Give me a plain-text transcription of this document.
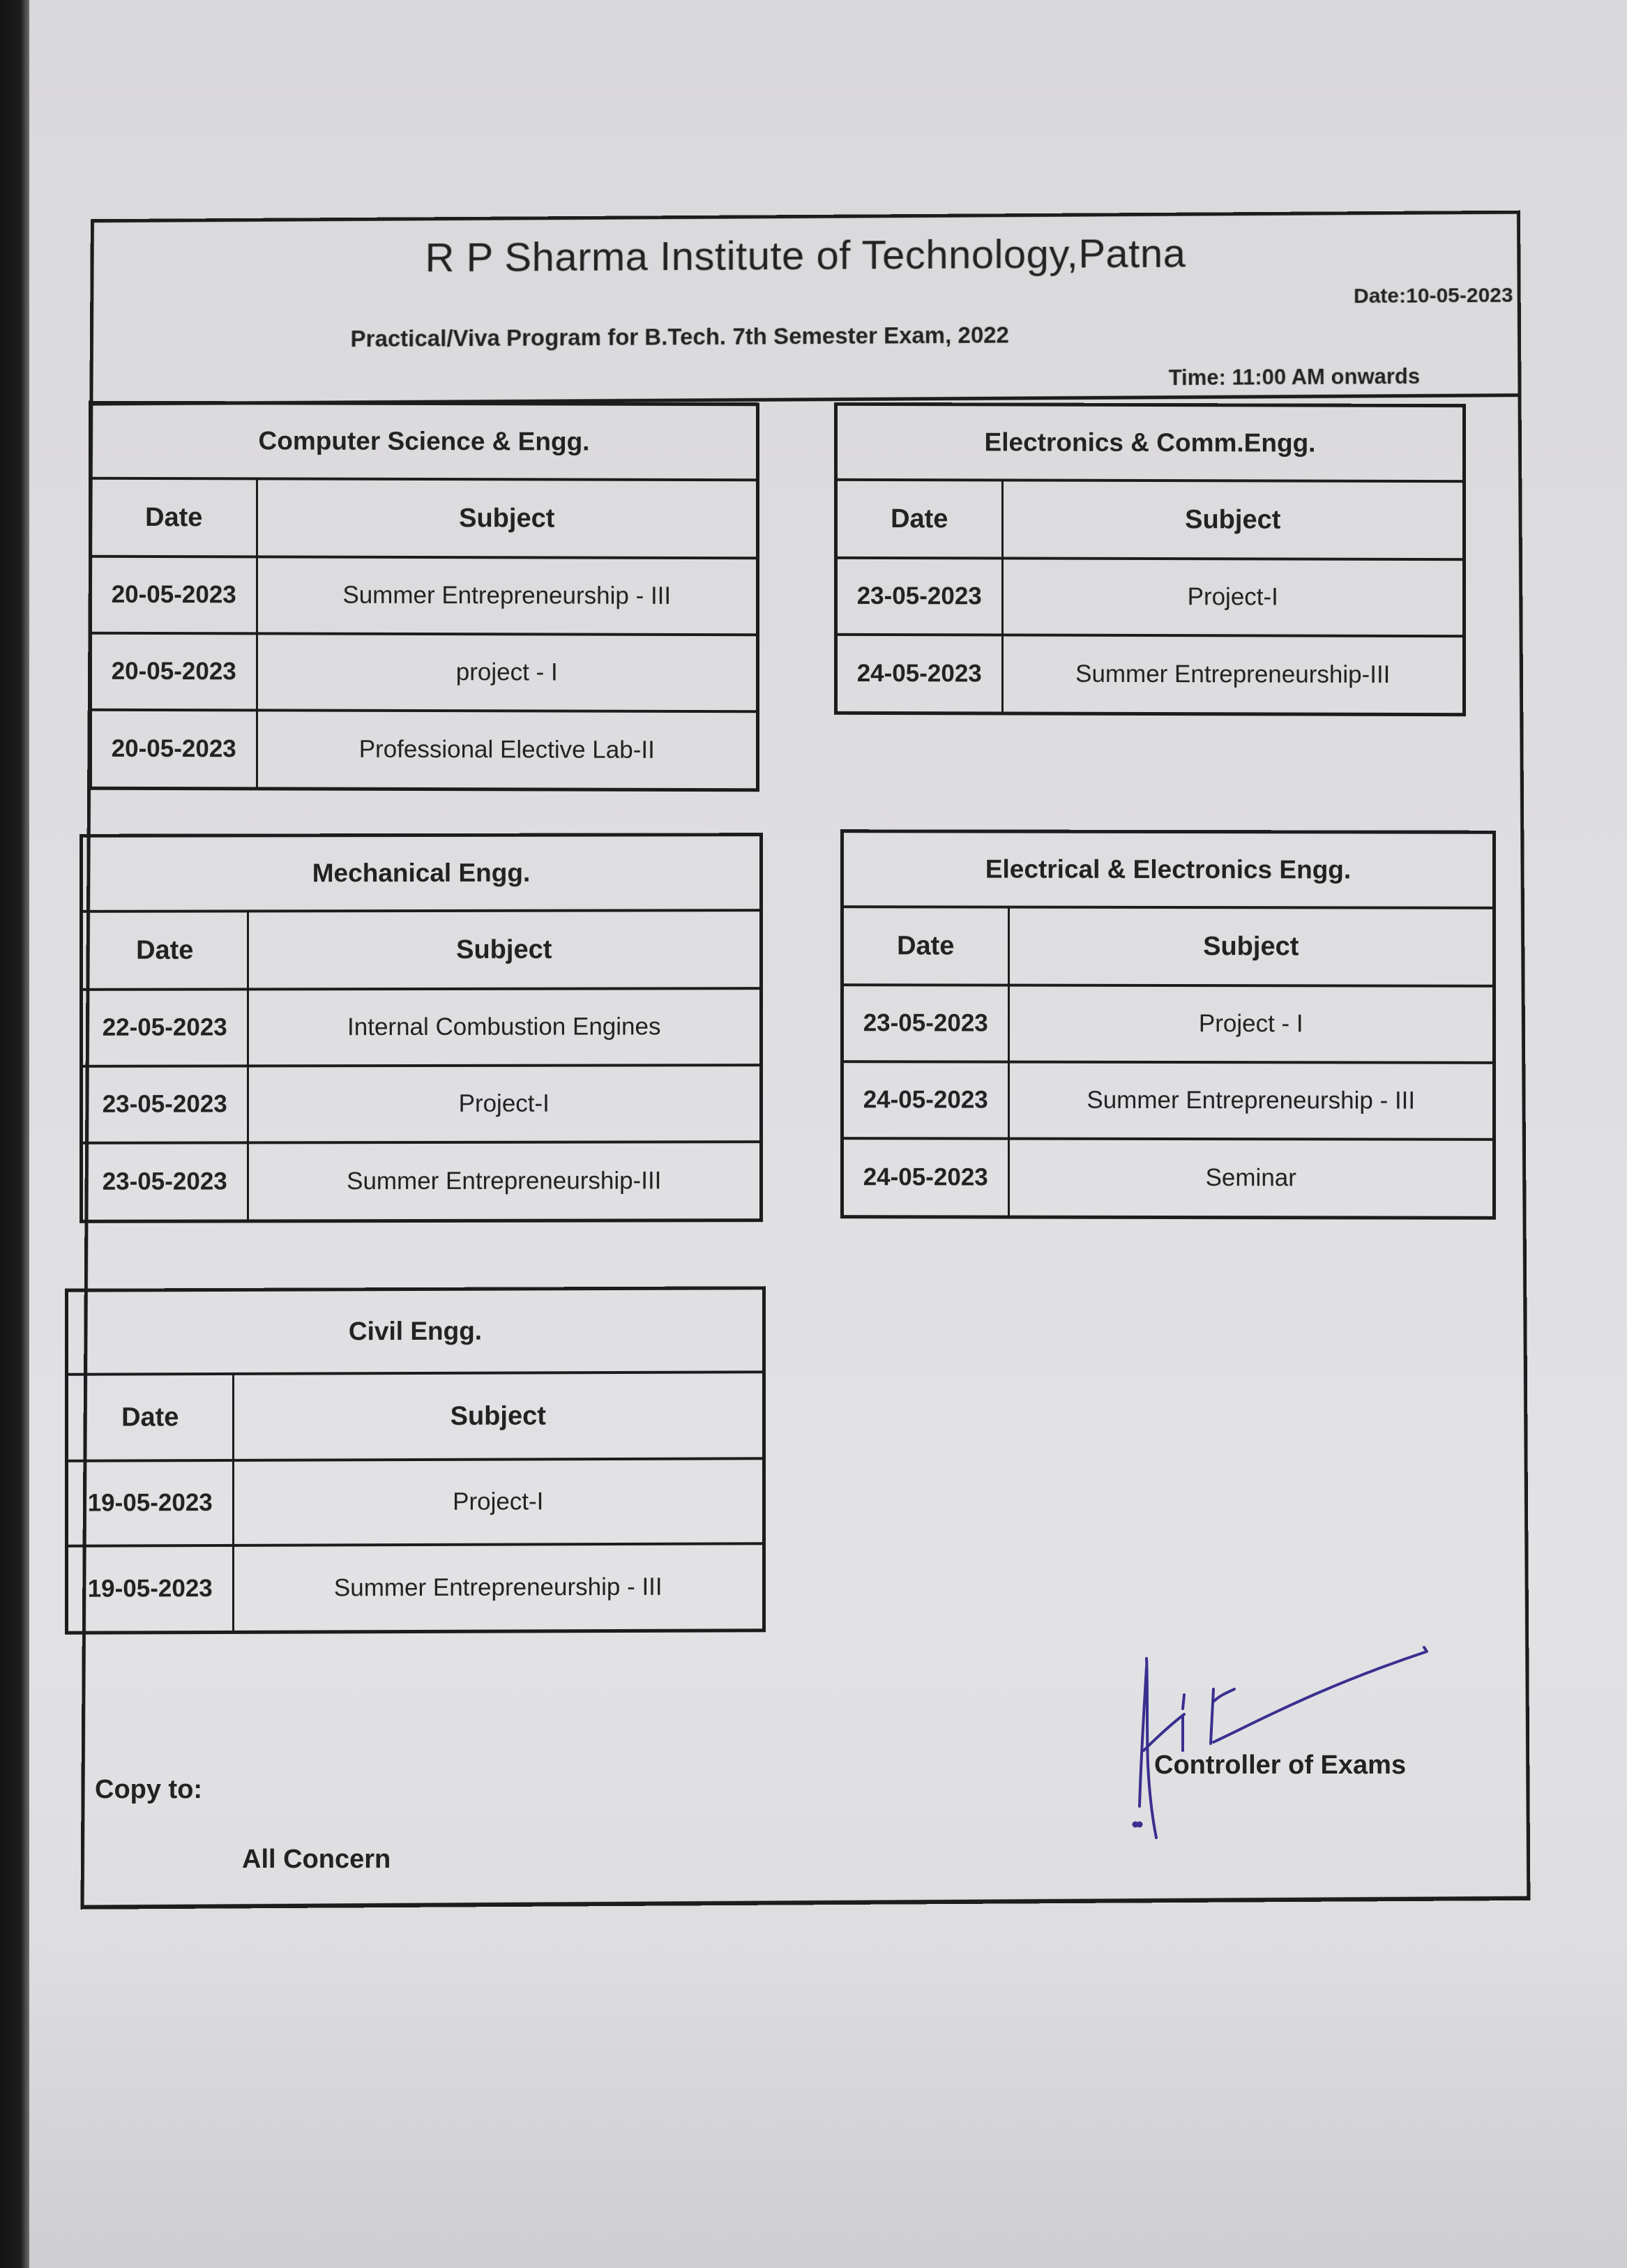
R P Sharma Institute of Technology,Patna
Date:10-05-2023
Practical/Viva Program for B.Tech. 7th Semester Exam, 2022
Time: 11:00 AM onwards
Computer Science & Engg.
Date	Subject
20-05-2023	Summer Entrepreneurship - III
20-05-2023	project - I
20-05-2023	Professional Elective Lab-II
Electronics & Comm.Engg.
Date	Subject
23-05-2023	Project-I
24-05-2023	Summer Entrepreneurship-III
Mechanical Engg.
Date	Subject
22-05-2023	Internal Combustion Engines
23-05-2023	Project-I
23-05-2023	Summer Entrepreneurship-III
Electrical & Electronics Engg.
Date	Subject
23-05-2023	Project - I
24-05-2023	Summer Entrepreneurship - III
24-05-2023	Seminar
Civil Engg.
Date	Subject
19-05-2023	Project-I
19-05-2023	Summer Entrepreneurship - III
Copy to:
All Concern
Controller of Exams
